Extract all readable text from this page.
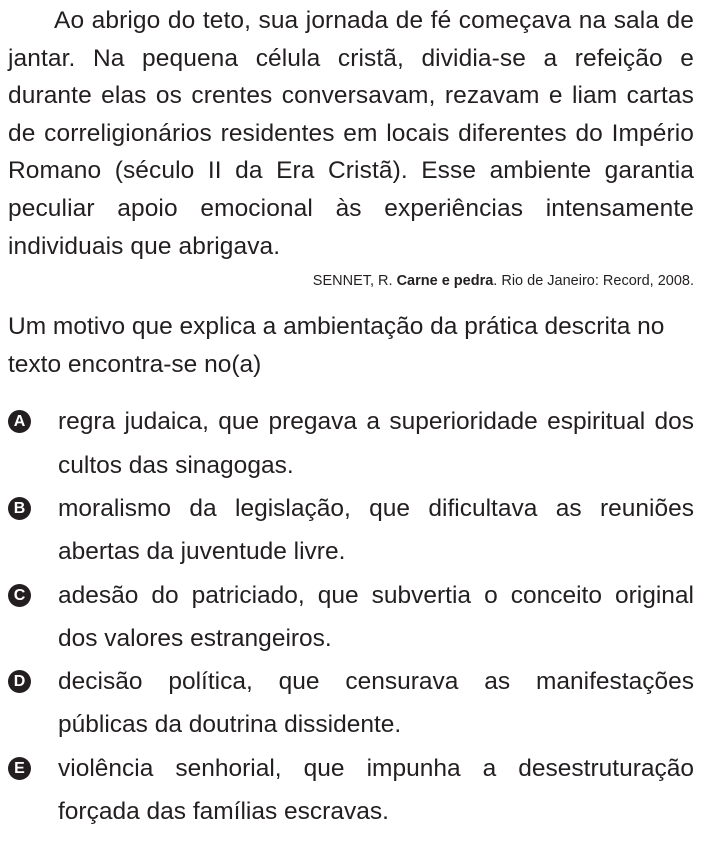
Ao abrigo do teto, sua jornada de fé começava na sala de jantar. Na pequena célula cristã, dividia-se a refeição e durante elas os crentes conversavam, rezavam e liam cartas de correligionários residentes em locais diferentes do Império Romano (século II da Era Cristã). Esse ambiente garantia peculiar apoio emocional às experiências intensamente individuais que abrigava.

SENNET, R. Carne e pedra. Rio de Janeiro: Record, 2008.

Um motivo que explica a ambientação da prática descrita no texto encontra-se no(a)

A regra judaica, que pregava a superioridade espiritual dos cultos das sinagogas.
B moralismo da legislação, que dificultava as reuniões abertas da juventude livre.
C adesão do patriciado, que subvertia o conceito original dos valores estrangeiros.
D decisão política, que censurava as manifestações públicas da doutrina dissidente.
E violência senhorial, que impunha a desestruturação forçada das famílias escravas.
